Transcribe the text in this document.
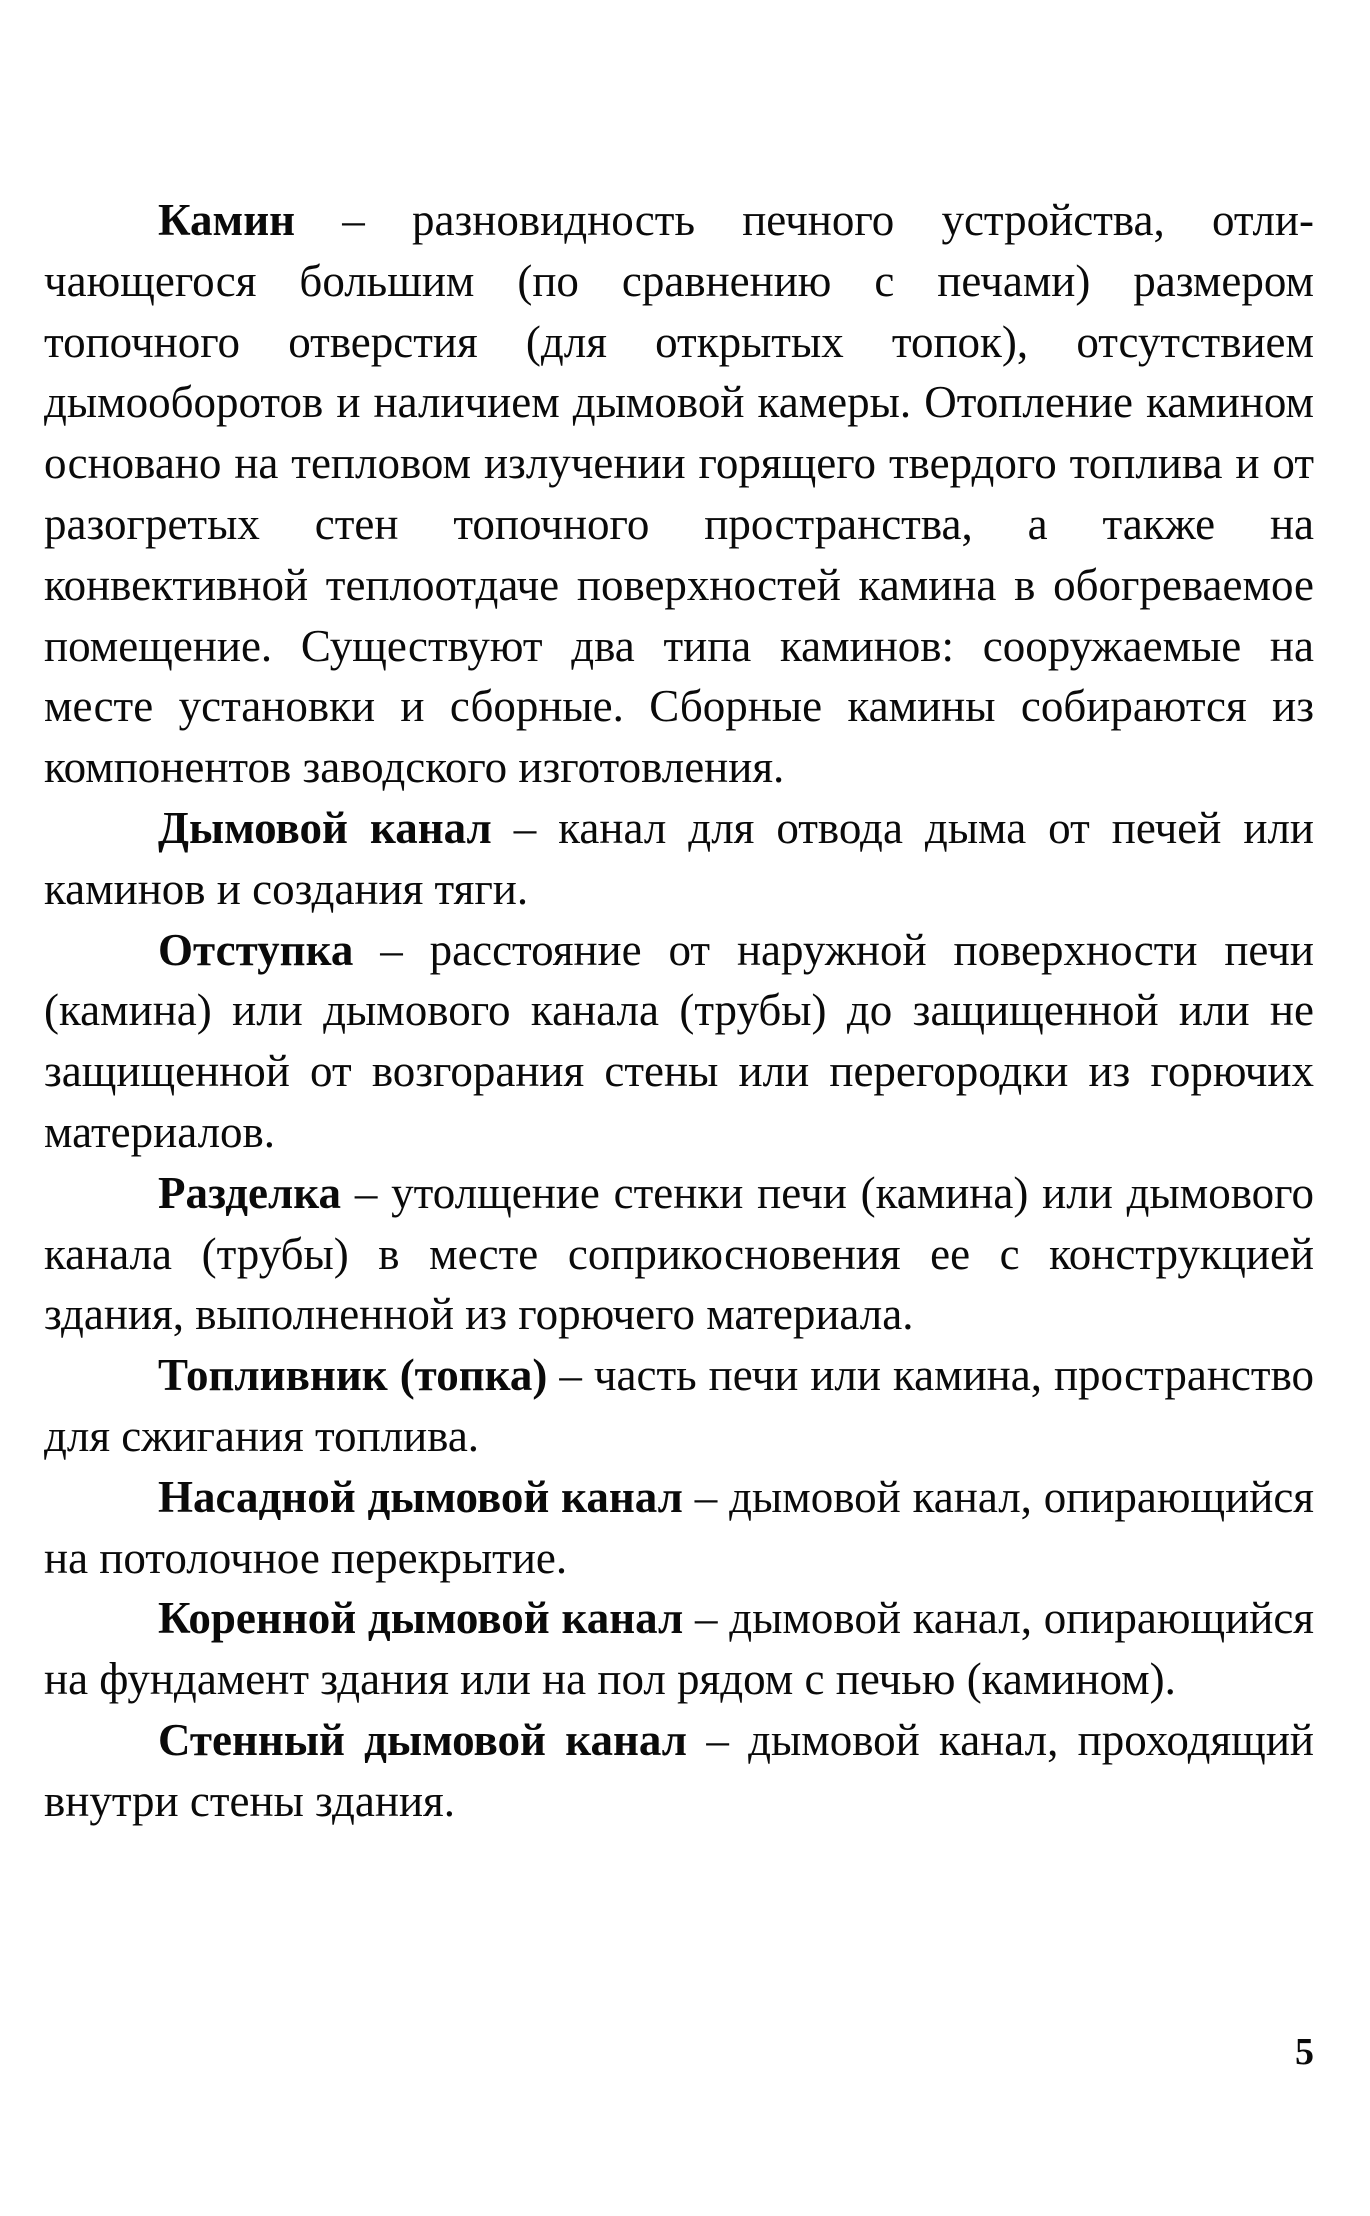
Камин – разновидность печного устройства, отличающегося большим (по сравнению с печами) размером топочного отверстия (для открытых топок), отсутствием дымооборотов и наличием дымовой камеры. Отопление камином основано на тепловом излучении горящего твердого топлива и от разогретых стен топочного пространства, а также на конвективной теплоотдаче поверхностей камина в обогреваемое помещение. Существуют два типа каминов: сооружаемые на месте установки и сборные. Сборные камины собираются из компонентов заводского изготовления.

Дымовой канал – канал для отвода дыма от печей или каминов и создания тяги.

Отступка – расстояние от наружной поверхности печи (камина) или дымового канала (трубы) до защищенной или не защищенной от возгорания стены или перегородки из горючих материалов.

Разделка – утолщение стенки печи (камина) или дымового канала (трубы) в месте соприкосновения ее с конструкцией здания, выполненной из горючего материала.

Топливник (топка) – часть печи или камина, пространство для сжигания топлива.

Насадной дымовой канал – дымовой канал, опирающийся на потолочное перекрытие.

Коренной дымовой канал – дымовой канал, опирающийся на фундамент здания или на пол рядом с печью (камином).

Стенный дымовой канал – дымовой канал, проходящий внутри стены здания.

5
